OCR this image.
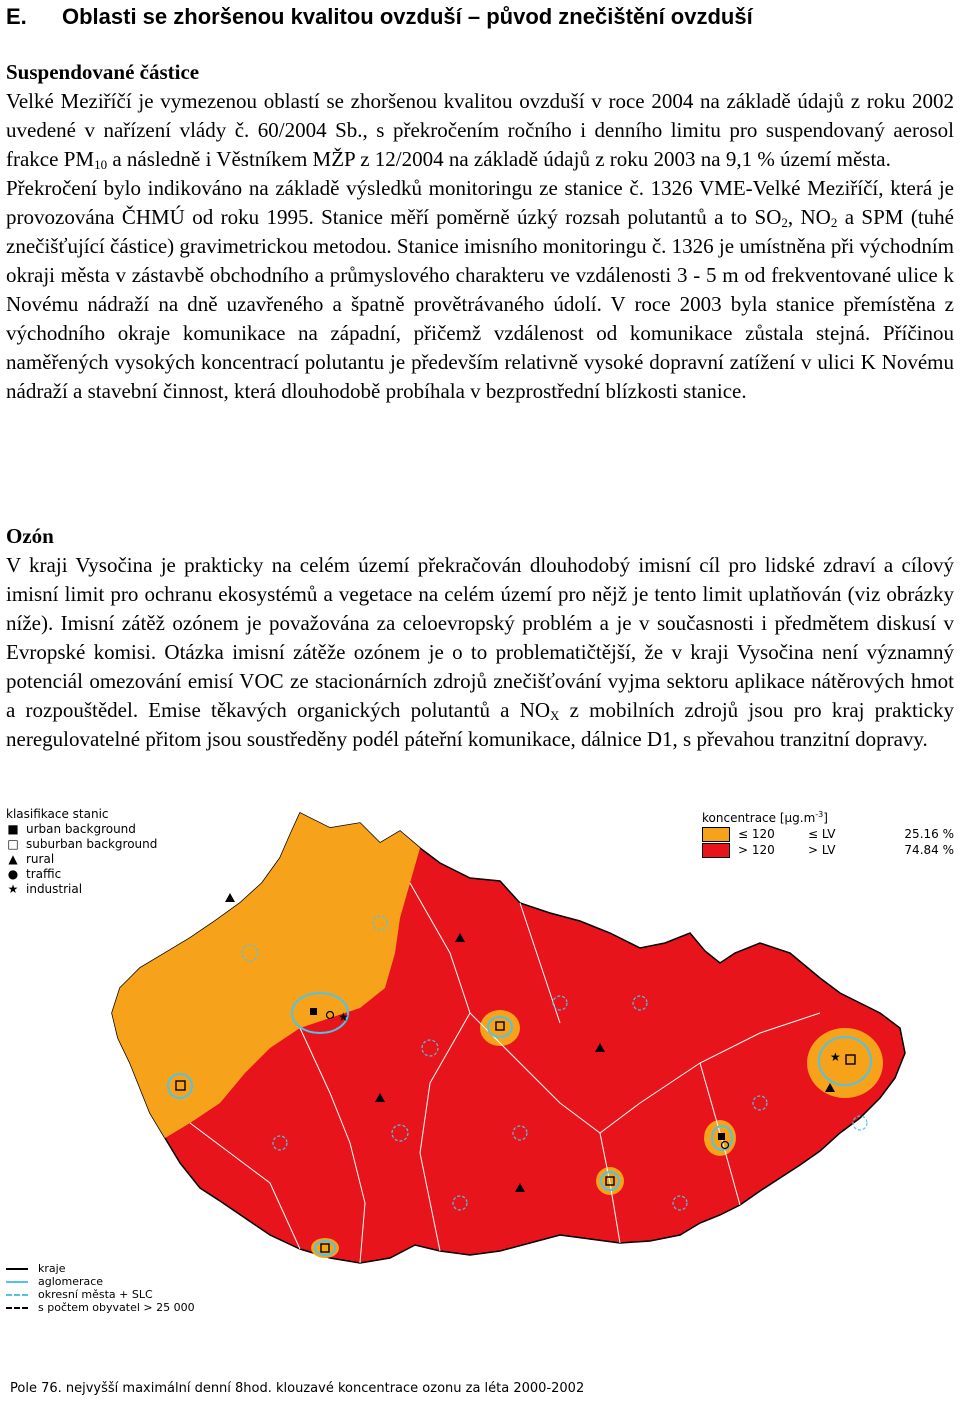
E. Oblasti se zhoršenou kvalitou ovzduší – původ znečištění ovzduší
Suspendované částice

Velké Meziříčí je vymezenou oblastí se zhoršenou kvalitou ovzduší v roce 2004 na základě údajů z roku 2002 uvedené v nařízení vlády č. 60/2004 Sb., s překročením ročního i denního limitu pro suspendovaný aerosol frakce $PM_{10}$ a následně i Věstníkem MŽP z 12/2004 na základě údajů z roku 2003 na 9,1 % území města.

Překročení bylo indikováno na základě výsledků monitoringu ze stanice č. 1326 VME-Velké Meziříčí, která je provozována ČHMÚ od roku 1995. Stanice měří poměrně úzký rozsah polutantů a to $SO_2$, $NO_2$ a SPM (tuhé znečišťující částice) gravimetrickou metodou. Stanice imisního monitoringu č. 1326 je umístněna při východním okraji města v zástavbě obchodního a průmyslového charakteru ve vzdálenosti 3 - 5 m od frekventované ulice k Novému nádraží na dně uzavřeného a špatně provětrávaného údolí. V roce 2003 byla stanice přemístěna z východního okraje komunikace na západní, přičemž vzdálenost od komunikace zůstala stejná. Příčinou naměřených vysokých koncentrací polutantu je především relativně vysoké dopravní zatížení v ulici K Novému nádraží a stavební činnost, která dlouhodobě probíhala v bezprostřední blízkosti stanice.

Ozón

V kraji Vysočina je prakticky na celém území překračován dlouhodobý imisní cíl pro lidské zdraví a cílový imisní limit pro ochranu ekosystémů a vegetace na celém území pro nějž je tento limit uplatňován (viz obrázky níže). Imisní zátěž ozónem je považována za celoevropský problém a je v současnosti i předmětem diskusí v Evropské komisi. Otázka imisní zátěže ozónem je o to problematičtější, že v kraji Vysočina není významný potenciál omezování emisí VOC ze stacionárních zdrojů znečišťování vyjma sektoru aplikace nátěrových hmot a rozpouštědel. Emise těkavých organických polutantů a $NO_X$ z mobilních zdrojů jsou pro kraj prakticky neregulovatelné přitom jsou soustředěny podél páteřní komunikace, dálnice D1, s převahou tranzitní dopravy.

★
★
klasifikace stanic
■ urban background
□ suburban background
▲ rural
● traffic
★ industrial
koncentrace $[\mu g.m^{-3}]$
≤ 120	≤ LV	25.16 %
> 120	> LV	74.84 %
kraje
aglomerace
okresní města + SLC
s počtem obyvatel > 25 000
Pole 76. nejvyšší maximální denní 8hod. klouzavé koncentrace ozonu za léta 2000-2002
